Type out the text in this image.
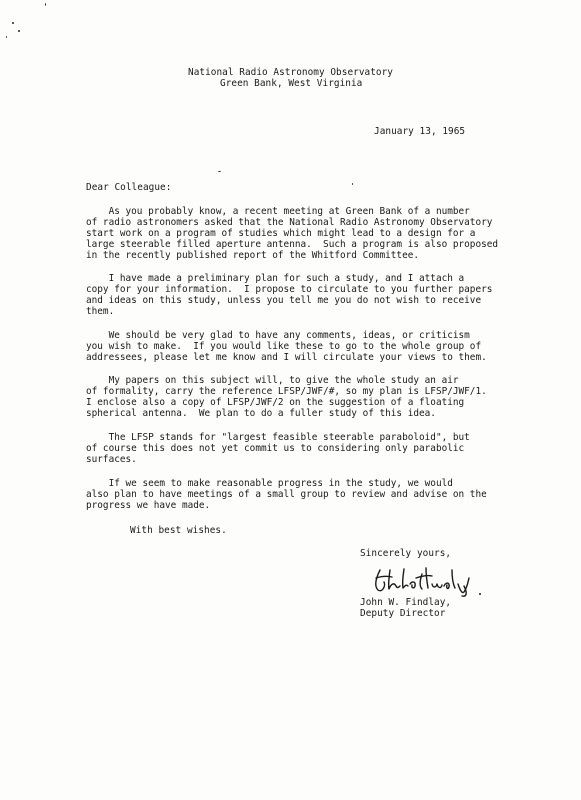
National Radio Astronomy Observatory
Green Bank, West Virginia
January 13, 1965
Dear Colleague:
As you probably know, a recent meeting at Green Bank of a number
of radio astronomers asked that the National Radio Astronomy Observatory
start work on a program of studies which might lead to a design for a
large steerable filled aperture antenna.  Such a program is also proposed
in the recently published report of the Whitford Committee.
I have made a preliminary plan for such a study, and I attach a
copy for your information.  I propose to circulate to you further papers
and ideas on this study, unless you tell me you do not wish to receive
them.
We should be very glad to have any comments, ideas, or criticism
you wish to make.  If you would like these to go to the whole group of
addressees, please let me know and I will circulate your views to them.
My papers on this subject will, to give the whole study an air
of formality, carry the reference LFSP/JWF/#, so my plan is LFSP/JWF/1.
I enclose also a copy of LFSP/JWF/2 on the suggestion of a floating
spherical antenna.  We plan to do a fuller study of this idea.
The LFSP stands for "largest feasible steerable paraboloid", but
of course this does not yet commit us to considering only parabolic
surfaces.
If we seem to make reasonable progress in the study, we would
also plan to have meetings of a small group to review and advise on the
progress we have made.
With best wishes.
Sincerely yours,
John W. Findlay,
Deputy Director
